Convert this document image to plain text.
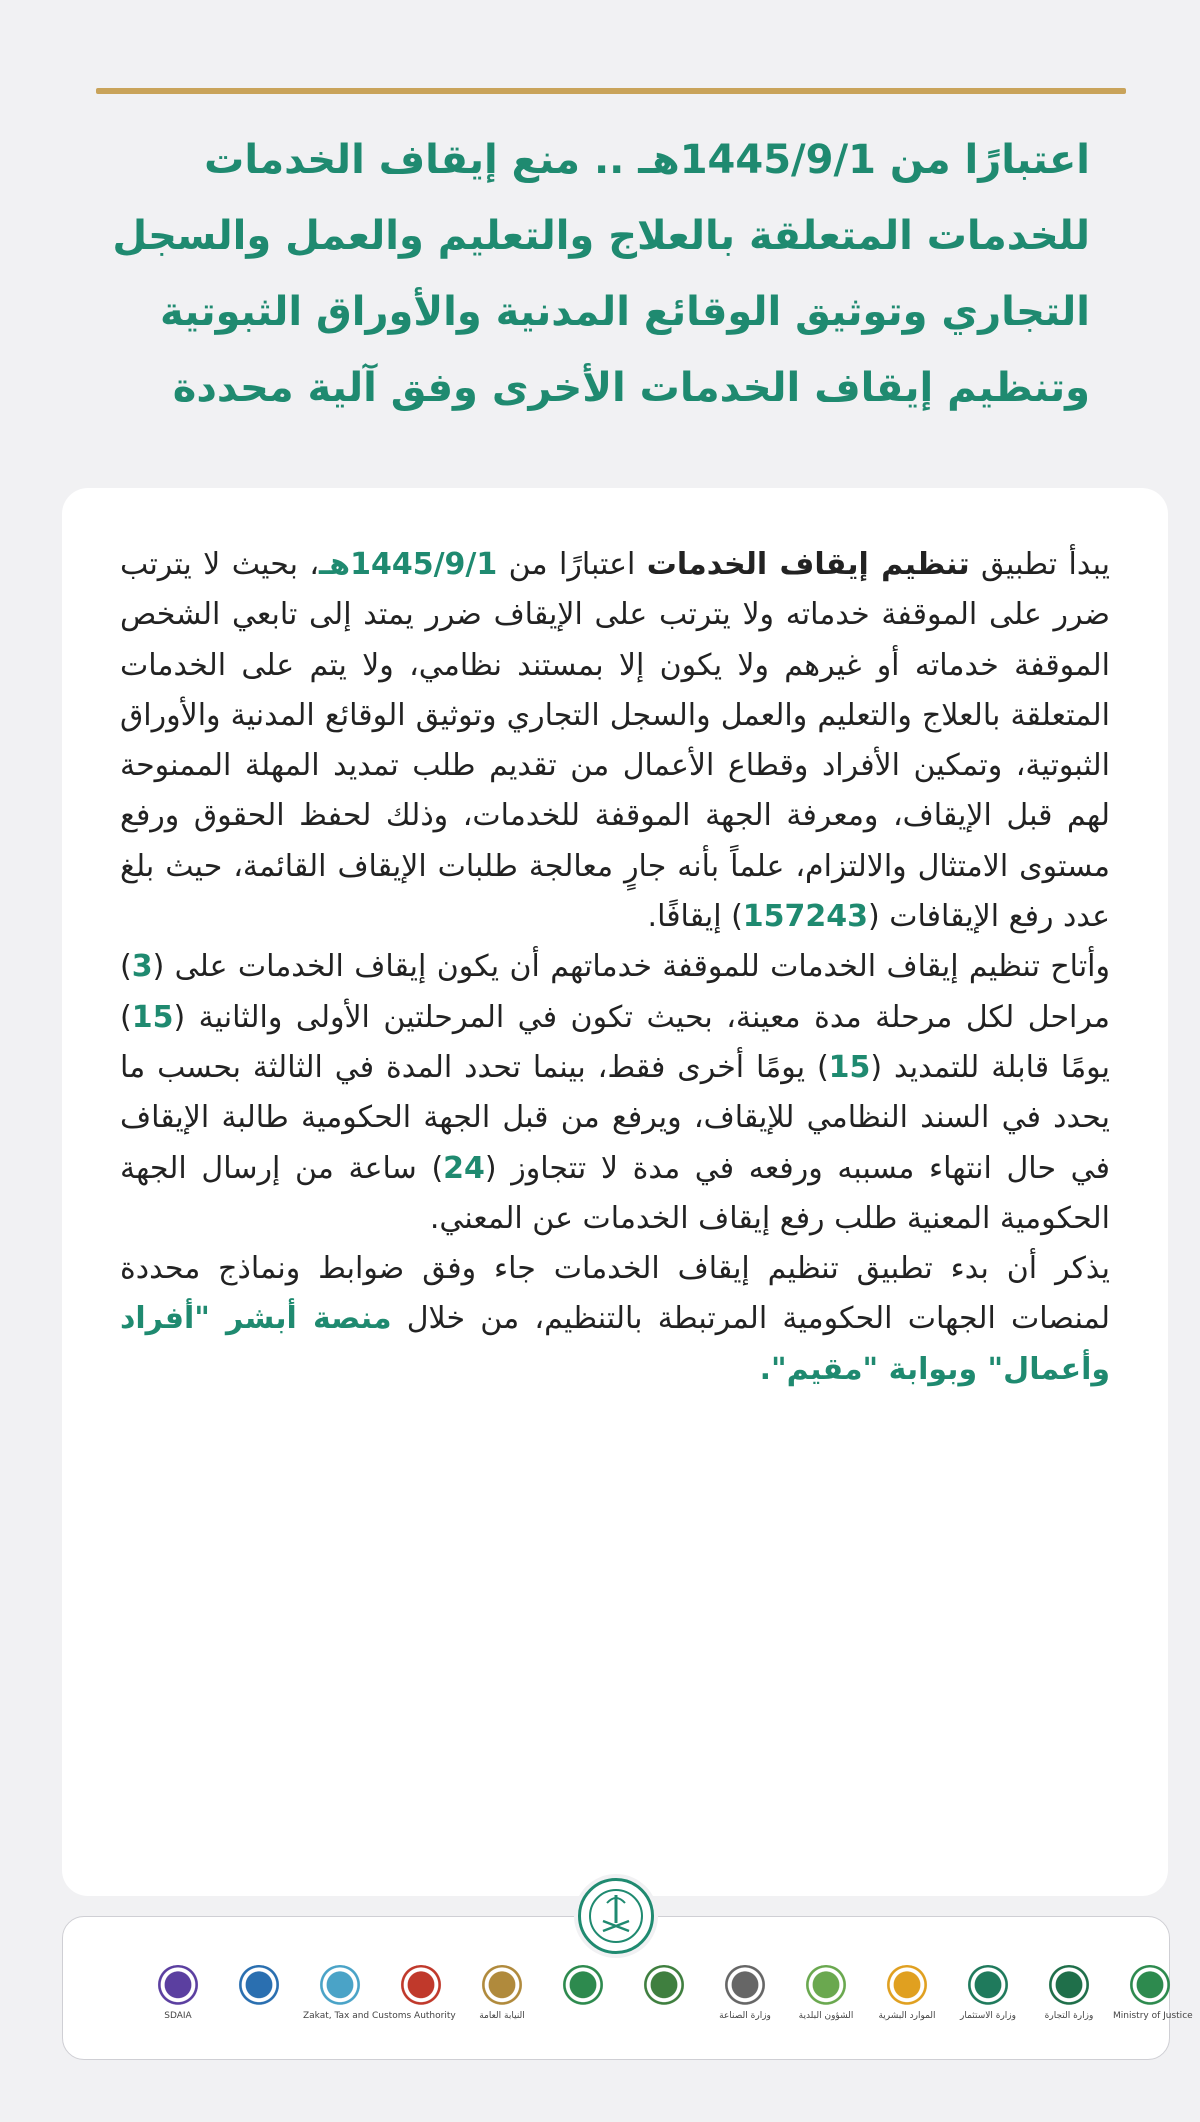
اعتبارًا من 1445/9/1هـ .. منع إيقاف الخدمات للخدمات المتعلقة بالعلاج والتعليم والعمل والسجل التجاري وتوثيق الوقائع المدنية والأوراق الثبوتية وتنظيم إيقاف الخدمات الأخرى وفق آلية محددة

يبدأ تطبيق تنظيم إيقاف الخدمات اعتبارًا من 1445/9/1هـ، بحيث لا يترتب ضرر على الموقفة خدماته ولا يترتب على الإيقاف ضرر يمتد إلى تابعي الشخص الموقفة خدماته أو غيرهم ولا يكون إلا بمستند نظامي، ولا يتم على الخدمات المتعلقة بالعلاج والتعليم والعمل والسجل التجاري وتوثيق الوقائع المدنية والأوراق الثبوتية، وتمكين الأفراد وقطاع الأعمال من تقديم طلب تمديد المهلة الممنوحة لهم قبل الإيقاف، ومعرفة الجهة الموقفة للخدمات، وذلك لحفظ الحقوق ورفع مستوى الامتثال والالتزام، علماً بأنه جارٍ معالجة طلبات الإيقاف القائمة، حيث بلغ عدد رفع الإيقافات (157243) إيقافًا.

وأتاح تنظيم إيقاف الخدمات للموقفة خدماتهم أن يكون إيقاف الخدمات على (3) مراحل لكل مرحلة مدة معينة، بحيث تكون في المرحلتين الأولى والثانية (15) يومًا قابلة للتمديد (15) يومًا أخرى فقط، بينما تحدد المدة في الثالثة بحسب ما يحدد في السند النظامي للإيقاف، ويرفع من قبل الجهة الحكومية طالبة الإيقاف في حال انتهاء مسببه ورفعه في مدة لا تتجاوز (24) ساعة من إرسال الجهة الحكومية المعنية طلب رفع إيقاف الخدمات عن المعني.

يذكر أن بدء تطبيق تنظيم إيقاف الخدمات جاء وفق ضوابط ونماذج محددة لمنصات الجهات الحكومية المرتبطة بالتنظيم، من خلال منصة أبشر "أفراد وأعمال" وبوابة "مقيم".

Ministry of Justice
وزارة التجارة
وزارة الاستثمار
الموارد البشرية
الشؤون البلدية
وزارة الصناعة
النيابة العامة
Zakat, Tax and Customs Authority
SDAIA
